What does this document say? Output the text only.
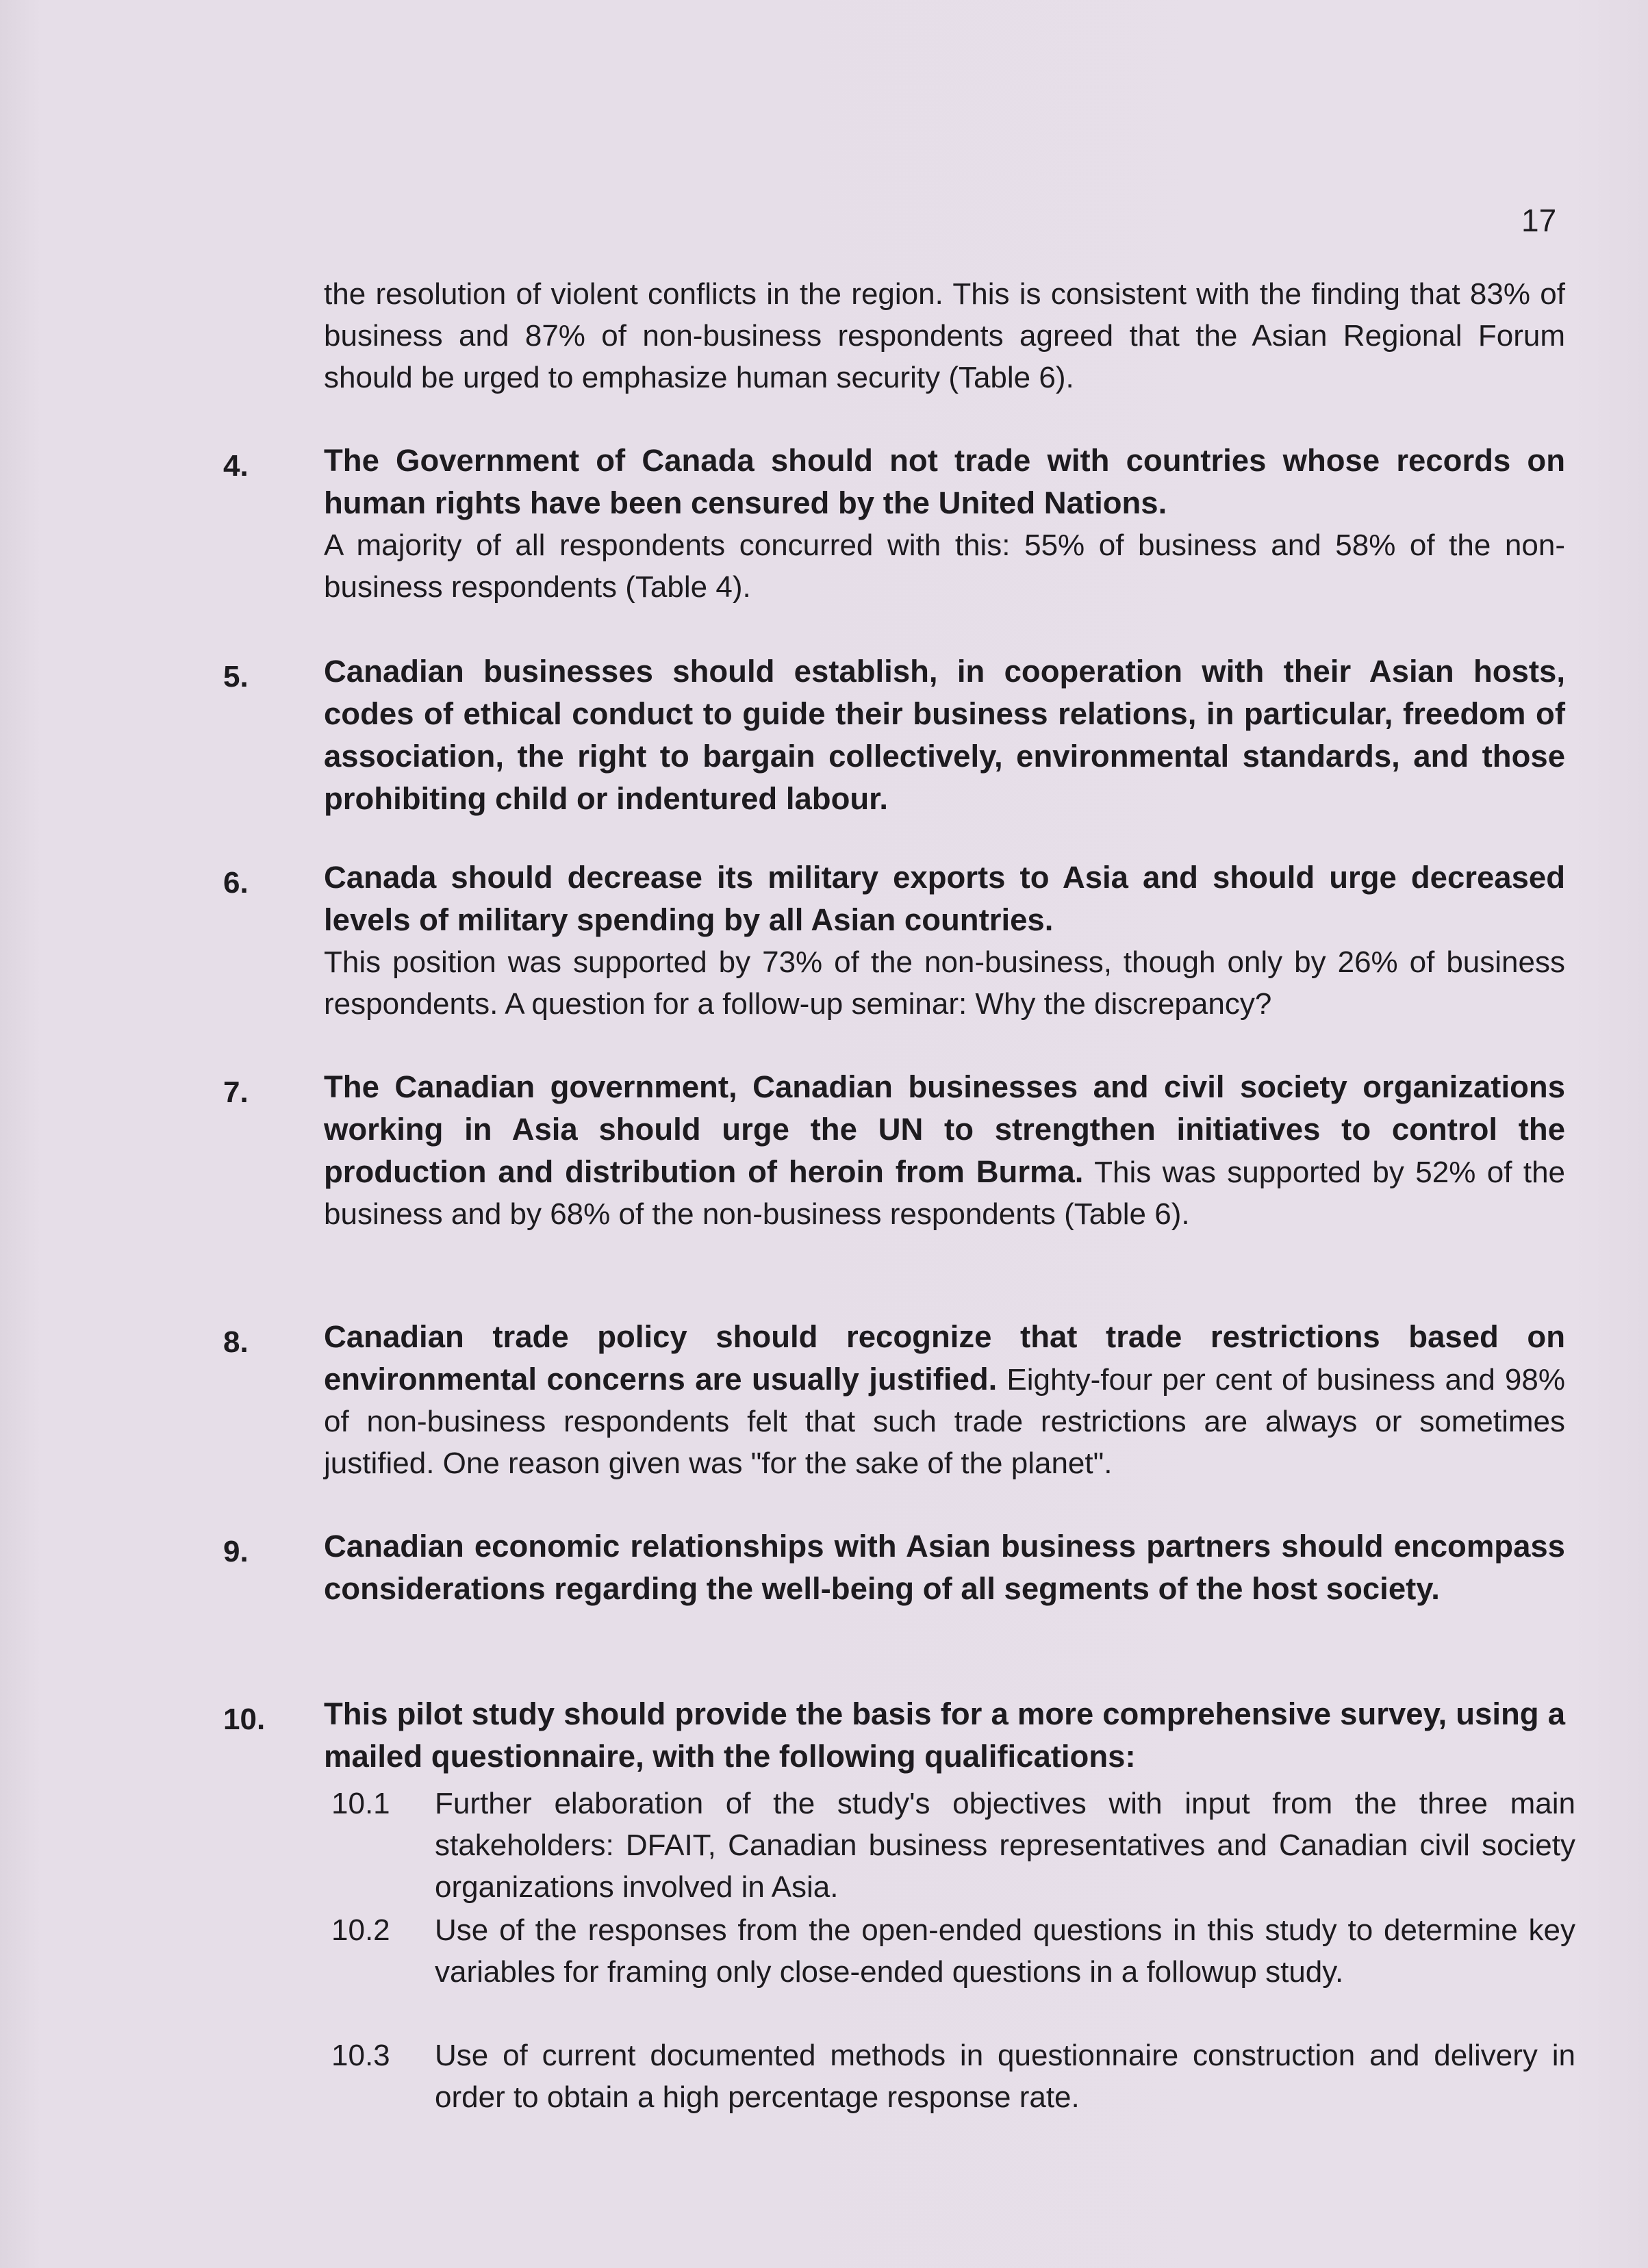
17

the resolution of violent conflicts in the region. This is consistent with the finding that 83% of business and 87% of non-business respondents agreed that the Asian Regional Forum should be urged to emphasize human security (Table 6).

4. The Government of Canada should not trade with countries whose records on human rights have been censured by the United Nations.
A majority of all respondents concurred with this: 55% of business and 58% of the non-business respondents (Table 4).

5. Canadian businesses should establish, in cooperation with their Asian hosts, codes of ethical conduct to guide their business relations, in particular, freedom of association, the right to bargain collectively, environmental standards, and those prohibiting child or indentured labour.

6. Canada should decrease its military exports to Asia and should urge decreased levels of military spending by all Asian countries.
This position was supported by 73% of the non-business, though only by 26% of business respondents. A question for a follow-up seminar: Why the discrepancy?

7. The Canadian government, Canadian businesses and civil society organizations working in Asia should urge the UN to strengthen initiatives to control the production and distribution of heroin from Burma. This was supported by 52% of the business and by 68% of the non-business respondents (Table 6).

8. Canadian trade policy should recognize that trade restrictions based on environmental concerns are usually justified. Eighty-four per cent of business and 98% of non-business respondents felt that such trade restrictions are always or sometimes justified. One reason given was "for the sake of the planet".

9. Canadian economic relationships with Asian business partners should encompass considerations regarding the well-being of all segments of the host society.

10. This pilot study should provide the basis for a more comprehensive survey, using a mailed questionnaire, with the following qualifications:

10.1 Further elaboration of the study's objectives with input from the three main stakeholders: DFAIT, Canadian business representatives and Canadian civil society organizations involved in Asia.

10.2 Use of the responses from the open-ended questions in this study to determine key variables for framing only close-ended questions in a followup study.

10.3 Use of current documented methods in questionnaire construction and delivery in order to obtain a high percentage response rate.
